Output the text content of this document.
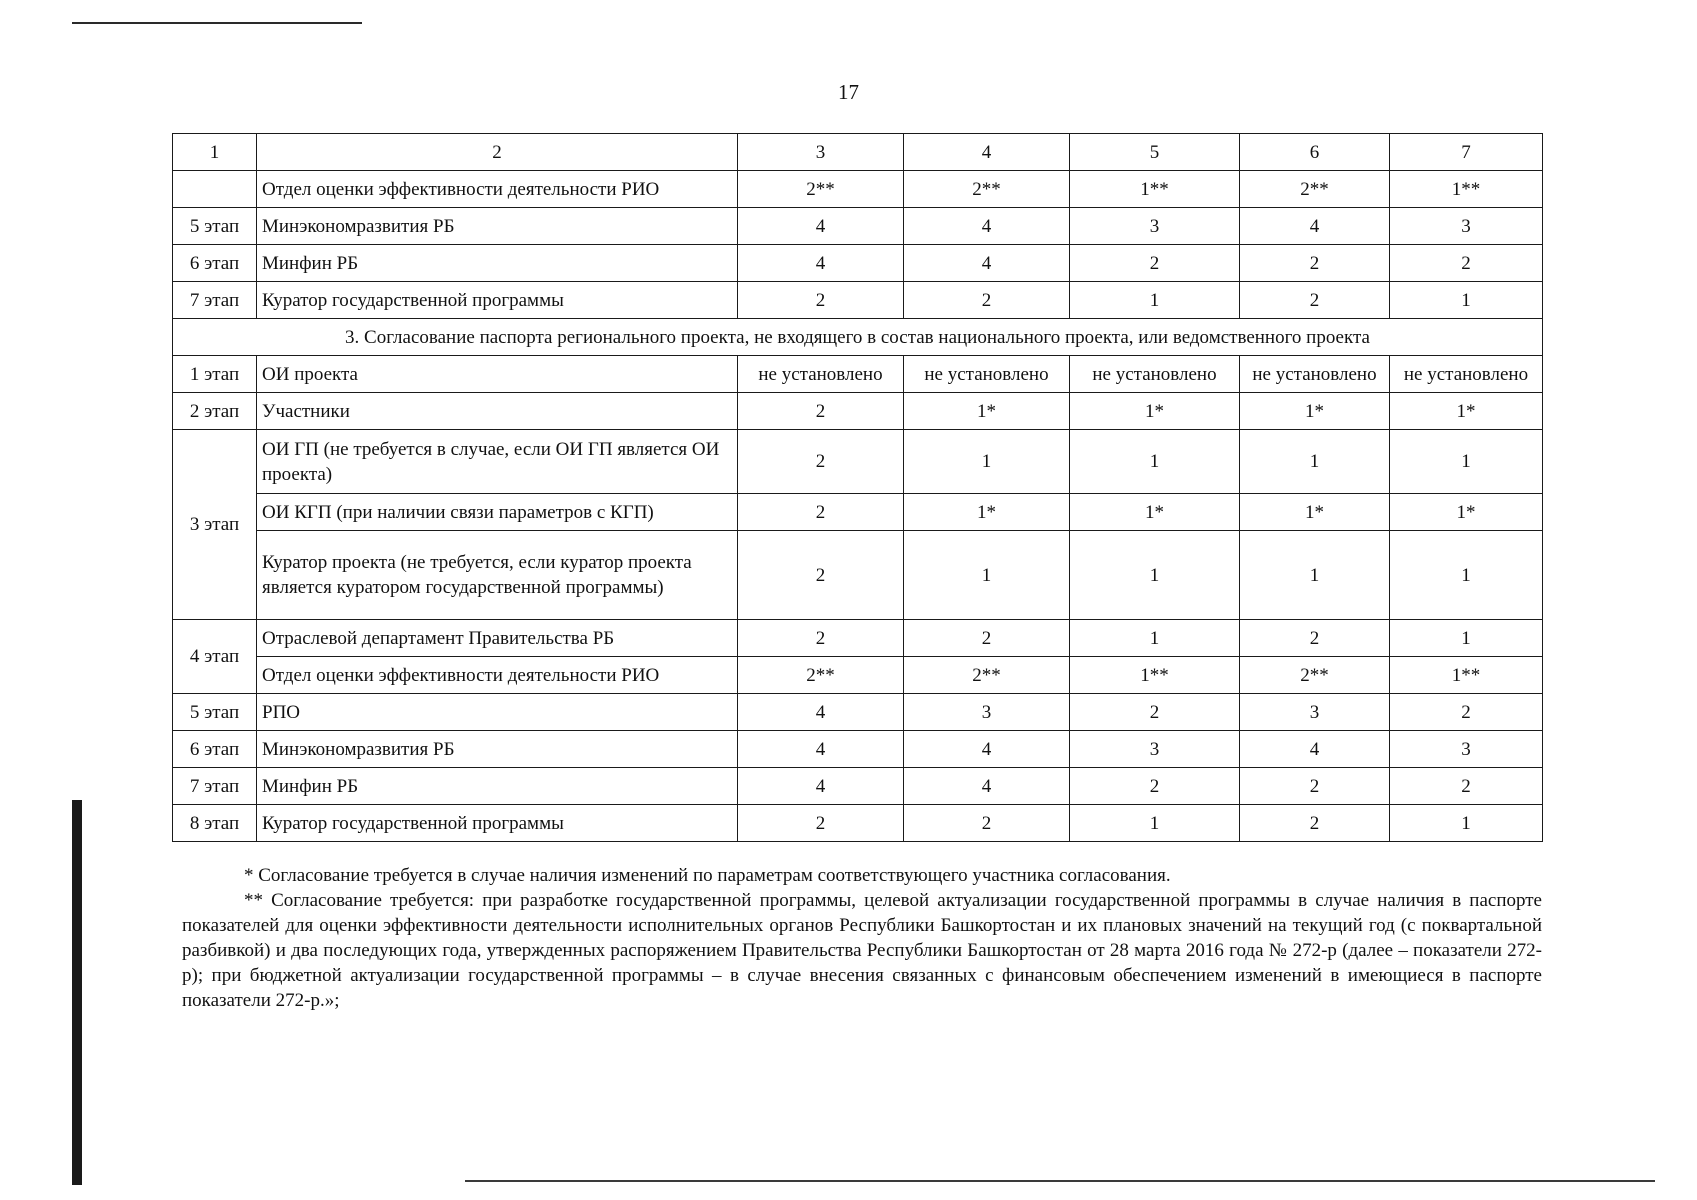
17
1	2	3	4	5	6	7
	Отдел оценки эффективности деятельности РИО	2**	2**	1**	2**	1**
5 этап	Минэкономразвития РБ	4	4	3	4	3
6 этап	Минфин РБ	4	4	2	2	2
7 этап	Куратор государственной программы	2	2	1	2	1
3. Согласование паспорта регионального проекта, не входящего в состав национального проекта, или ведомственного проекта						
1 этап	ОИ проекта	не установлено	не установлено	не установлено	не установлено	не установлено
2 этап	Участники	2	1*	1*	1*	1*
3 этап	ОИ ГП (не требуется в случае, если ОИ ГП является ОИ проекта)	2	1	1	1	1
	ОИ КГП (при наличии связи параметров с КГП)	2	1*	1*	1*	1*
	Куратор проекта (не требуется, если куратор проекта является куратором государственной программы)	2	1	1	1	1
4 этап	Отраслевой департамент Правительства РБ	2	2	1	2	1
	Отдел оценки эффективности деятельности РИО	2**	2**	1**	2**	1**
5 этап	РПО	4	3	2	3	2
6 этап	Минэкономразвития РБ	4	4	3	4	3
7 этап	Минфин РБ	4	4	2	2	2
8 этап	Куратор государственной программы	2	2	1	2	1

* Согласование требуется в случае наличия изменений по параметрам соответствующего участника согласования.

** Согласование требуется: при разработке государственной программы, целевой актуализации государственной программы в случае наличия в паспорте показателей для оценки эффективности деятельности исполнительных органов Республики Башкортостан и их плановых значений на текущий год (с поквартальной разбивкой) и два последующих года, утвержденных распоряжением Правительства Республики Башкортостан от 28 марта 2016 года № 272-р (далее – показатели 272-р); при бюджетной актуализации государственной программы – в случае внесения связанных с финансовым обеспечением изменений в имеющиеся в паспорте показатели 272-р.»;
